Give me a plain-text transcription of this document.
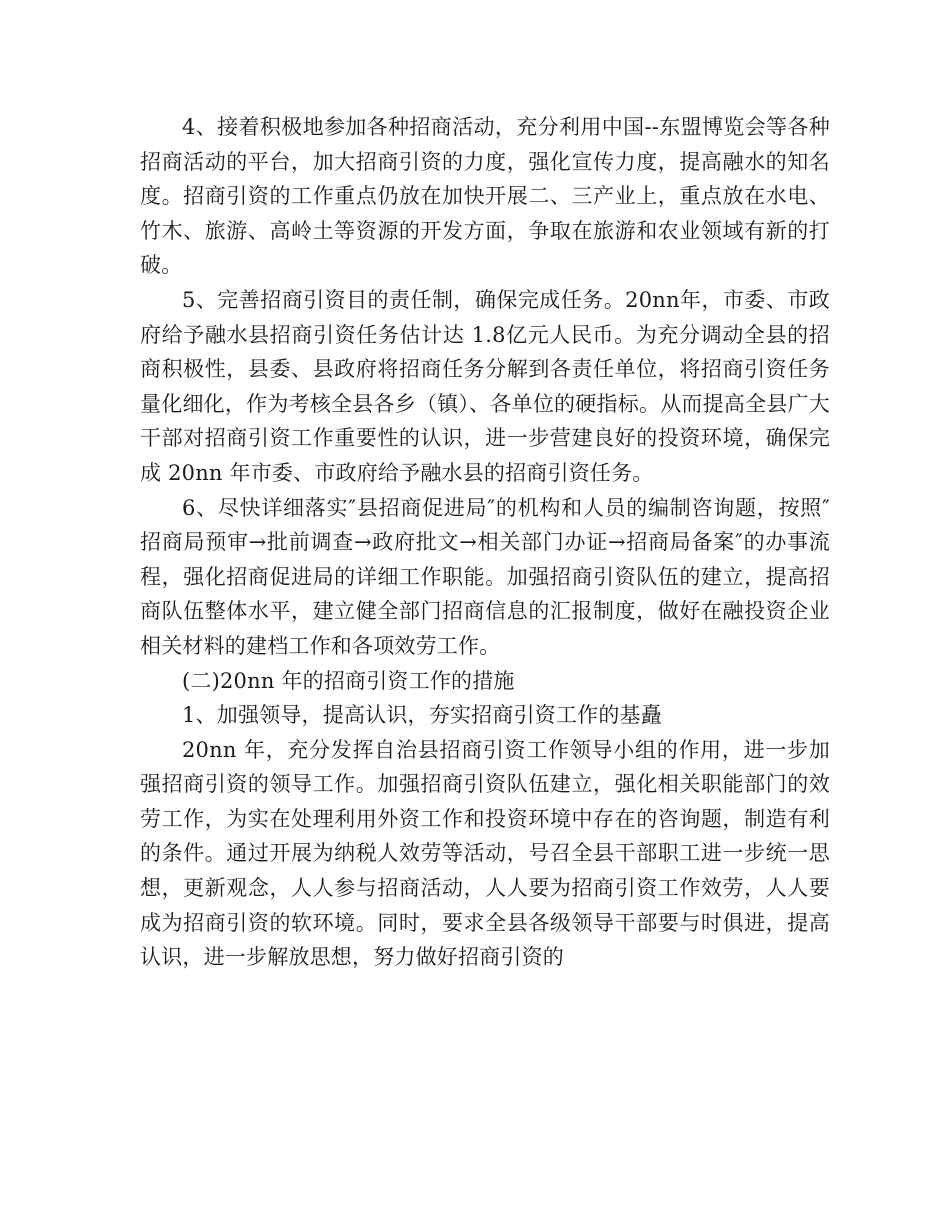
4、接着积极地参加各种招商活动，充分利用中国--东盟博览会等各种招商活动的平台，加大招商引资的力度，强化宣传力度，提高融水的知名度。招商引资的工作重点仍放在加快开展二、三产业上，重点放在水电、竹木、旅游、高岭土等资源的开发方面，争取在旅游和农业领域有新的打破。

5、完善招商引资目的责任制，确保完成任务。20nn年，市委、市政府给予融水县招商引资任务估计达 1.8亿元人民币。为充分调动全县的招商积极性，县委、县政府将招商任务分解到各责任单位，将招商引资任务量化细化，作为考核全县各乡（镇）、各单位的硬指标。从而提高全县广大干部对招商引资工作重要性的认识，进一步营建良好的投资环境，确保完成 20nn 年市委、市政府给予融水县的招商引资任务。

6、尽快详细落实″县招商促进局″的机构和人员的编制咨询题，按照″招商局预审→批前调查→政府批文→相关部门办证→招商局备案″的办事流程，强化招商促进局的详细工作职能。加强招商引资队伍的建立，提高招商队伍整体水平，建立健全部门招商信息的汇报制度，做好在融投资企业相关材料的建档工作和各项效劳工作。

(二)20nn 年的招商引资工作的措施

1、加强领导，提高认识，夯实招商引资工作的基矗

20nn 年，充分发挥自治县招商引资工作领导小组的作用，进一步加强招商引资的领导工作。加强招商引资队伍建立，强化相关职能部门的效劳工作，为实在处理利用外资工作和投资环境中存在的咨询题，制造有利的条件。通过开展为纳税人效劳等活动，号召全县干部职工进一步统一思想，更新观念，人人参与招商活动，人人要为招商引资工作效劳，人人要成为招商引资的软环境。同时，要求全县各级领导干部要与时俱进，提高认识，进一步解放思想，努力做好招商引资的
